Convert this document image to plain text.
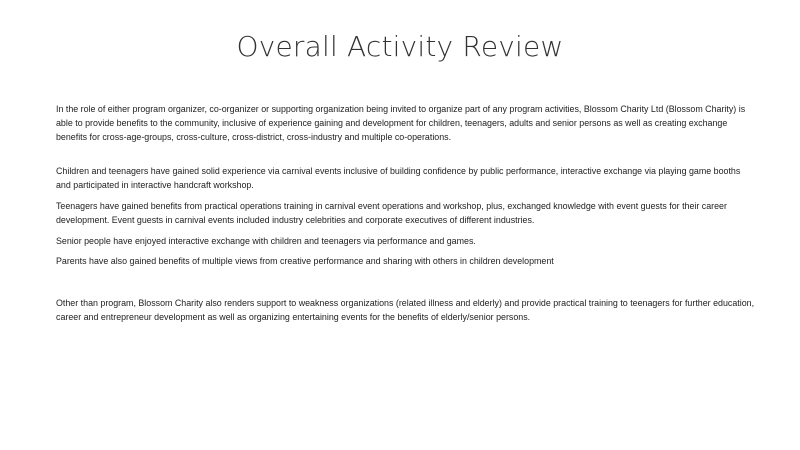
Overall Activity Review

In the role of either program organizer, co-organizer or supporting organization being invited to organize part of any program activities, Blossom Charity Ltd (Blossom Charity) is able to provide benefits to the community, inclusive of experience gaining and development for children, teenagers, adults and senior persons as well as creating exchange benefits for cross-age-groups, cross-culture, cross-district, cross-industry and multiple co-operations.

Children and teenagers have gained solid experience via carnival events inclusive of building confidence by public performance, interactive exchange via playing game booths and participated in interactive handcraft workshop.

Teenagers have gained benefits from practical operations training in carnival event operations and workshop, plus, exchanged knowledge with event guests for their career development. Event guests in carnival events included industry celebrities and corporate executives of different industries.

Senior people have enjoyed interactive exchange with children and teenagers via performance and games.

Parents have also gained benefits of multiple views from creative performance and sharing with others in children development

Other than program, Blossom Charity also renders support to weakness organizations (related illness and elderly) and provide practical training to teenagers for further education, career and entrepreneur development as well as organizing entertaining events for the benefits of elderly/senior persons.
